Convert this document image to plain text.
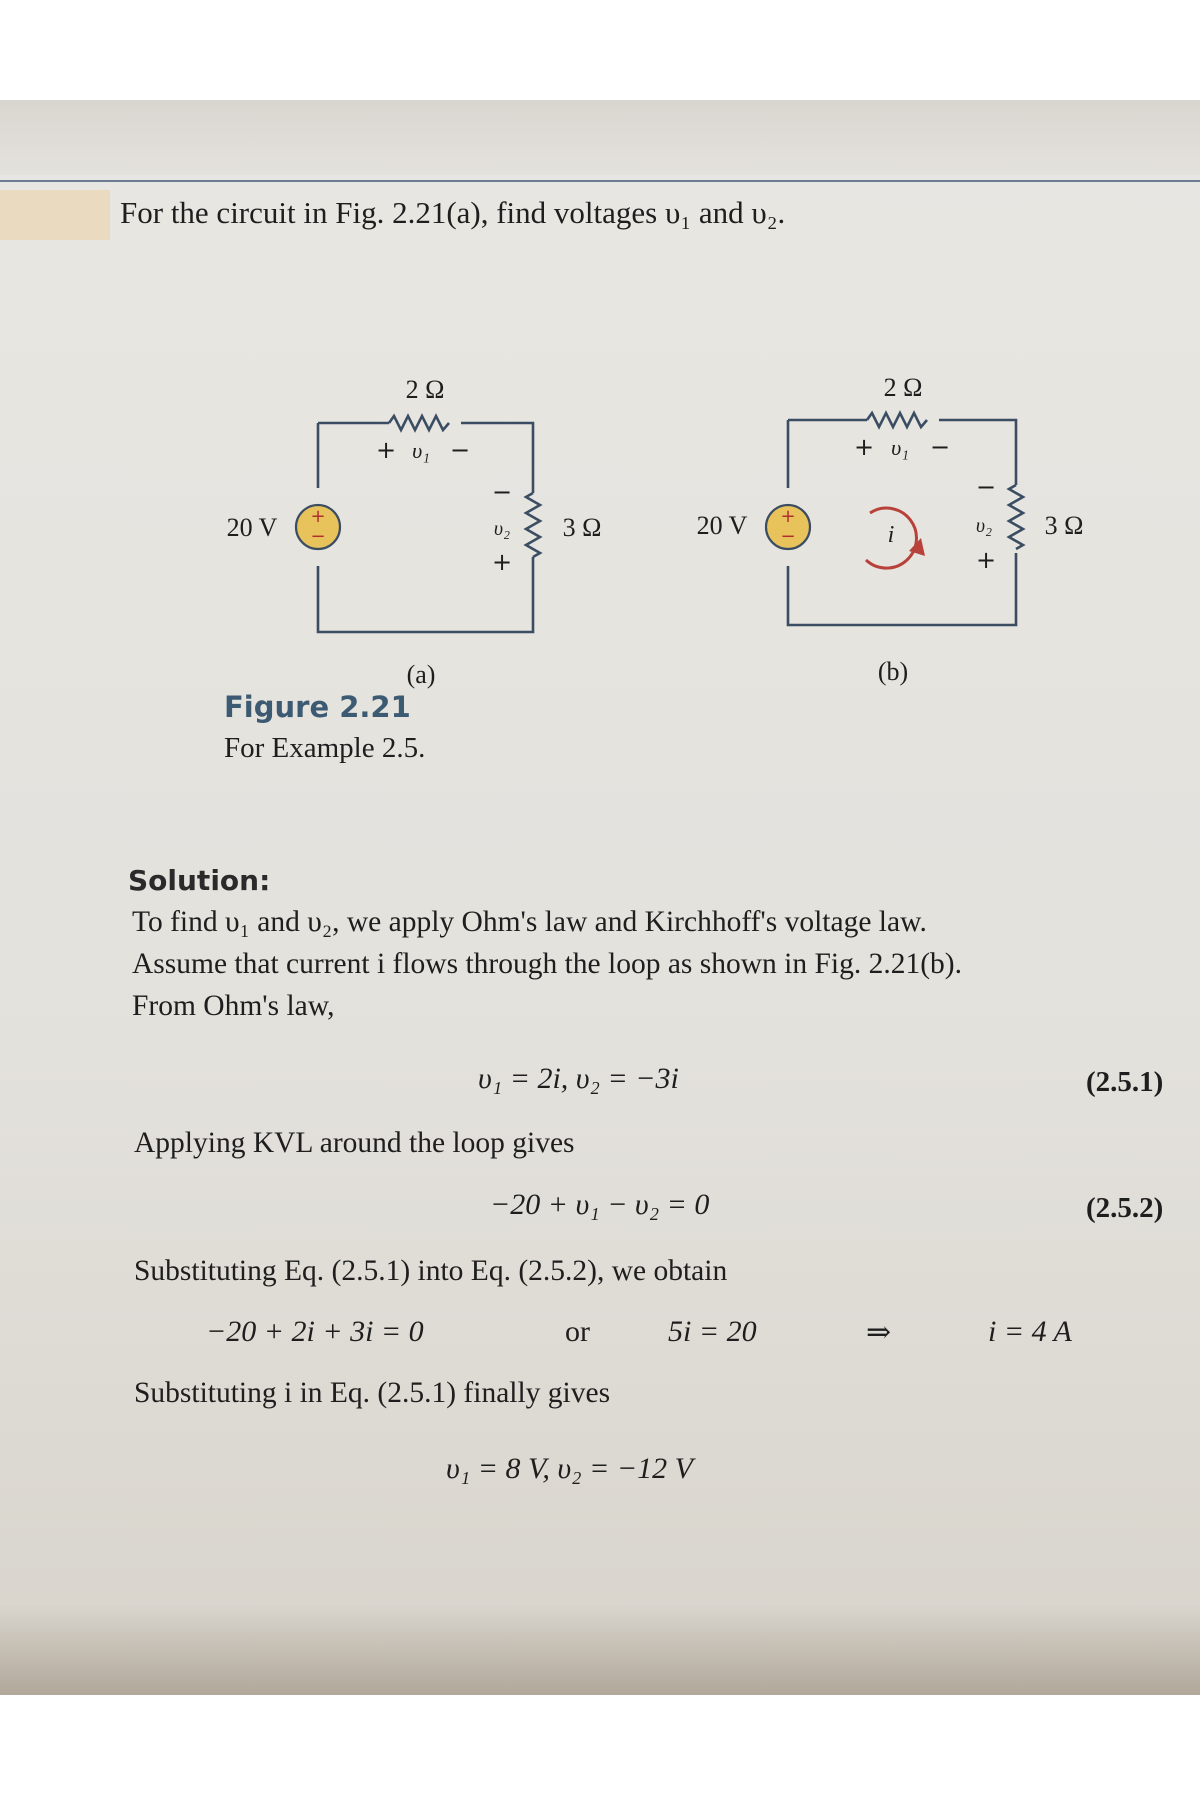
For the circuit in Fig. 2.21(a), find voltages υ₁ and υ₂.
+
−
2 Ω
3 Ω
20 V
+ υ₁ −
−
υ₂
+
(a)
+
−	i
2 Ω
3 Ω
20 V
+ υ₁ −
−
υ₂
+
(b)
Figure 2.21
For Example 2.5.
Solution:
To find υ₁ and υ₂, we apply Ohm's law and Kirchhoff's voltage law.
Assume that current i flows through the loop as shown in Fig. 2.21(b).
From Ohm's law,
υ₁ = 2i, υ₂ = −3i	(2.5.1)
Applying KVL around the loop gives
−20 + υ₁ − υ₂ = 0	(2.5.2)
Substituting Eq. (2.5.1) into Eq. (2.5.2), we obtain
−20 + 2i + 3i = 0	or	5i = 20	⇒	i = 4 A
Substituting i in Eq. (2.5.1) finally gives
υ₁ = 8 V, υ₂ = −12 V
